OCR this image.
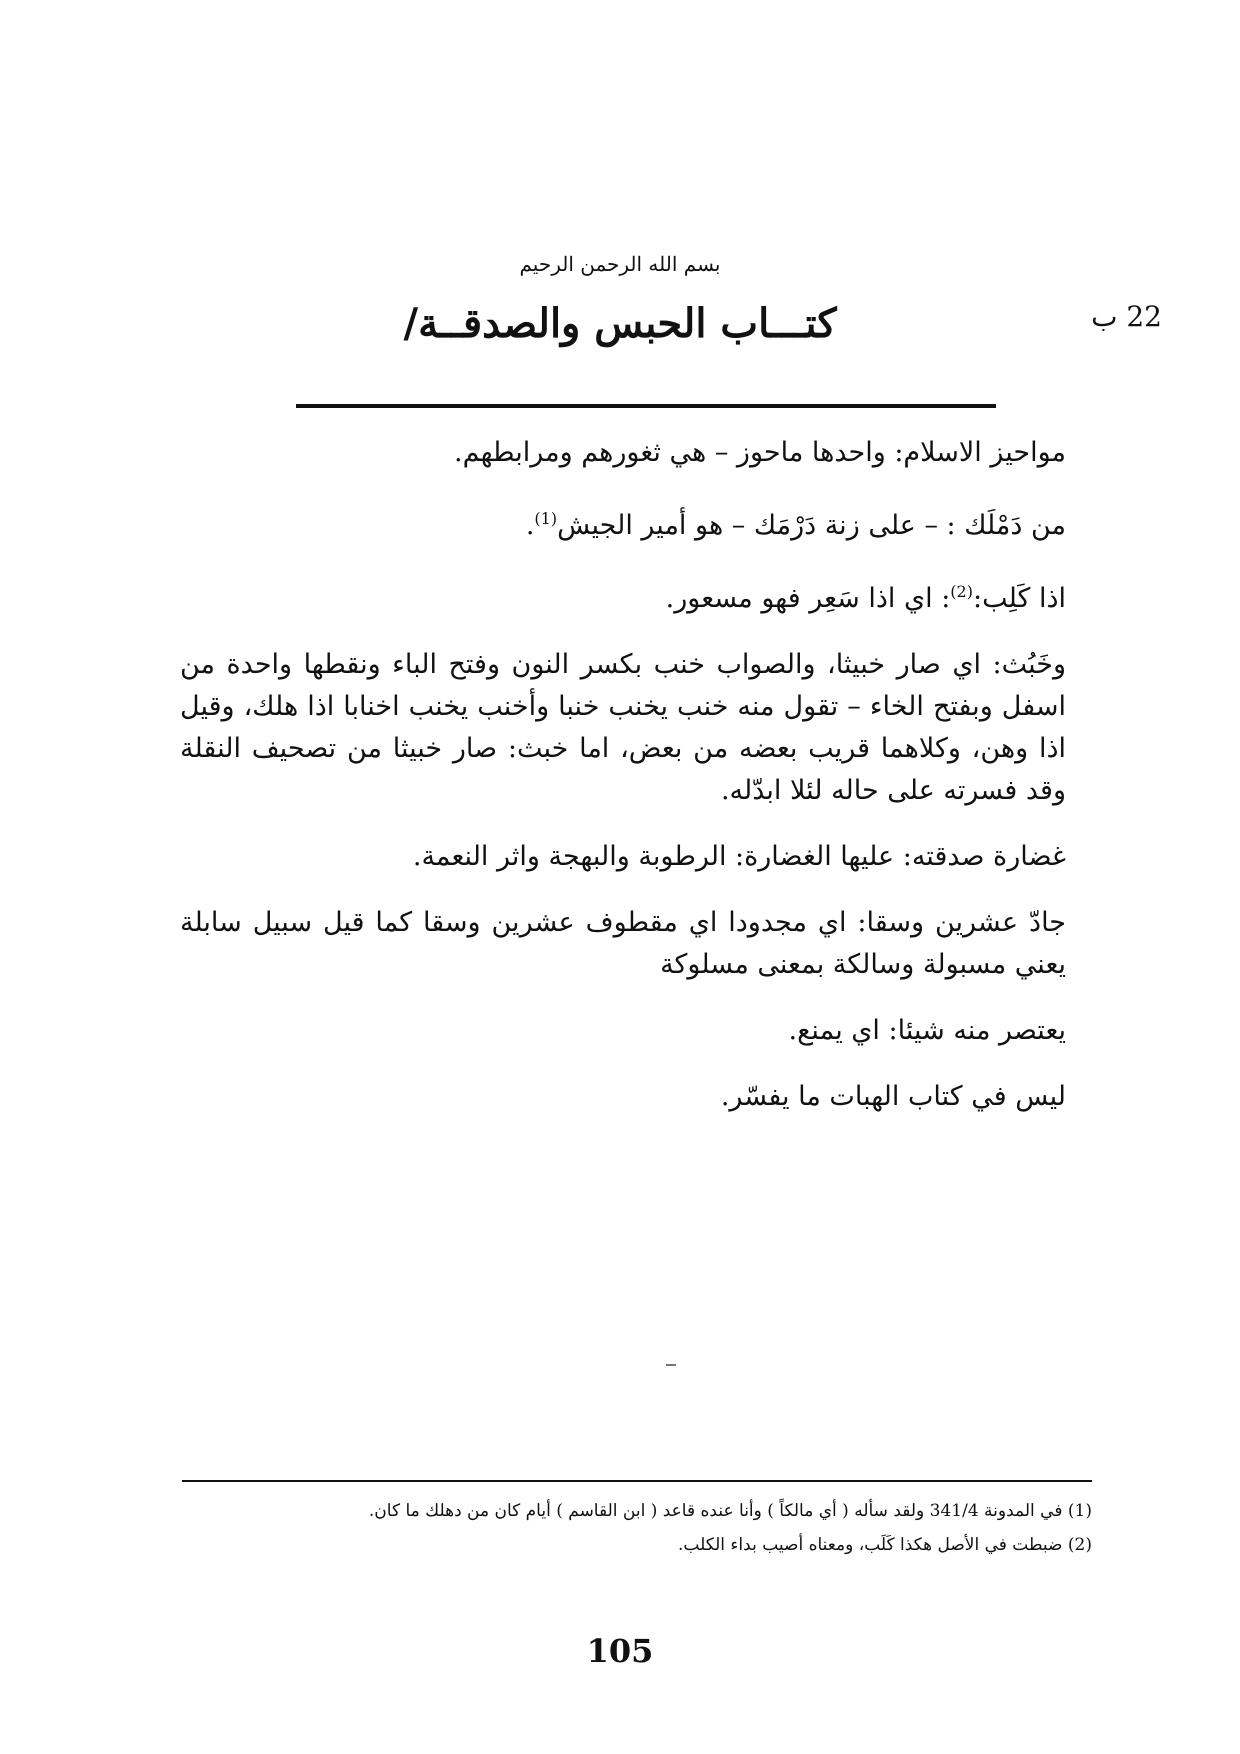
بسم الله الرحمن الرحيم
كتـــاب الحبس والصدقــة/	22 ب

مواحيز الاسلام: واحدها ماحوز – هي ثغورهم ومرابطهم.

من دَمْلَك : – على زنة دَرْمَك – هو أمير الجيش$^{(1)}$.

اذا كَلِب:$^{(2)}$: اي اذا سَعِر فهو مسعور.

وخَبُث: اي صار خبيثا، والصواب خنب بكسر النون وفتح الباء ونقطها واحدة من اسفل وبفتح الخاء – تقول منه خنب يخنب خنبا وأخنب يخنب اخنابا اذا هلك، وقيل اذا وهن، وكلاهما قريب بعضه من بعض، اما خبث: صار خبيثا من تصحيف النقلة وقد فسرته على حاله لئلا ابدّله.

غضارة صدقته: عليها الغضارة: الرطوبة والبهجة واثر النعمة.

جادّ عشرين وسقا: اي مجدودا اي مقطوف عشرين وسقا كما قيل سبيل سابلة يعني مسبولة وسالكة بمعنى مسلوكة

يعتصر منه شيئا: اي يمنع.

ليس في كتاب الهبات ما يفسّر.

(1) في المدونة 341/4 ولقد سأله ( أي مالكاً ) وأنا عنده قاعد ( ابن القاسم ) أيام كان من دهلك ما كان.

(2) ضبطت في الأصل هكذا كَلَب، ومعناه أصيب بداء الكلب.

105
